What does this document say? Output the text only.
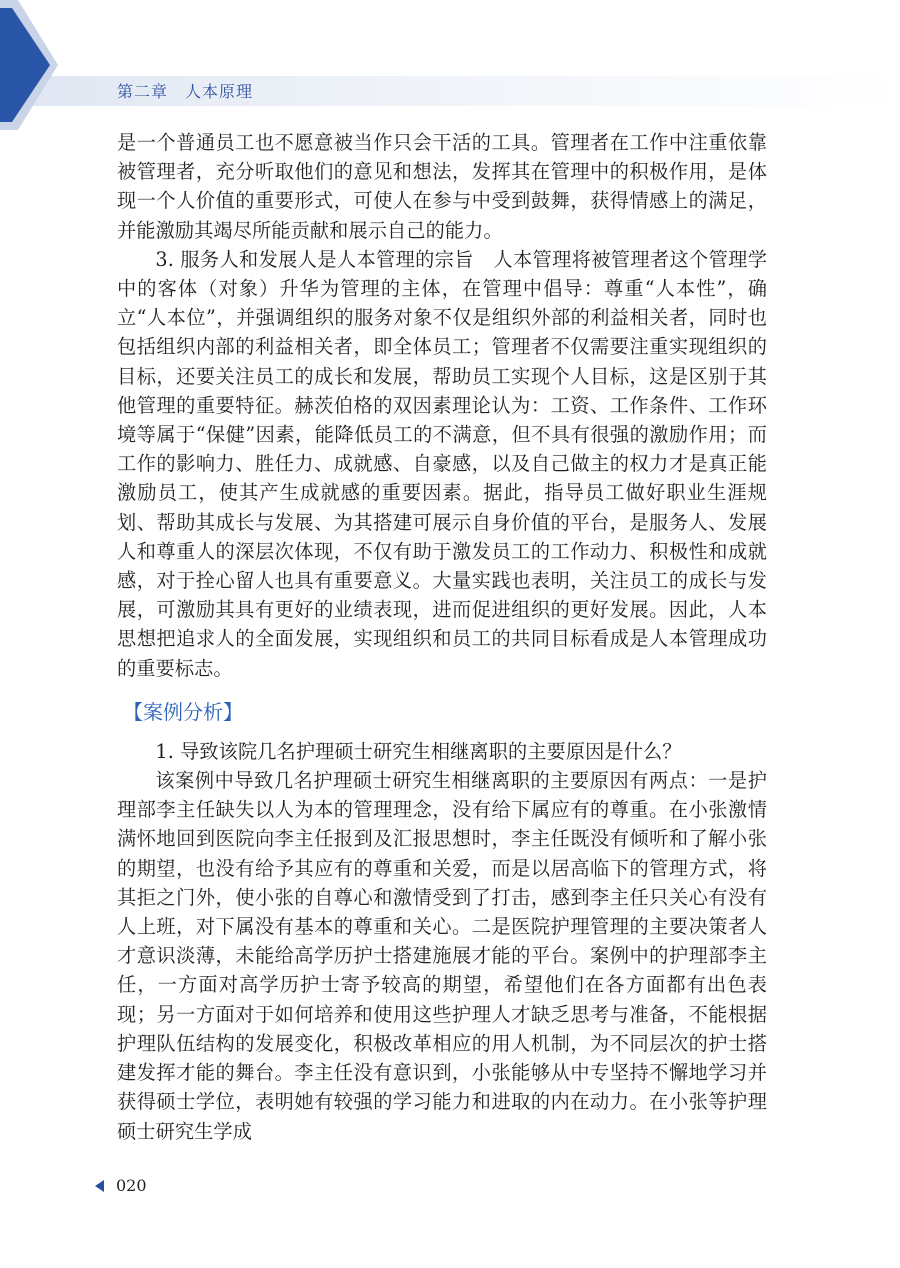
第二章　人本原理

是一个普通员工也不愿意被当作只会干活的工具。管理者在工作中注重依靠被管理者，充分听取他们的意见和想法，发挥其在管理中的积极作用，是体现一个人价值的重要形式，可使人在参与中受到鼓舞，获得情感上的满足，并能激励其竭尽所能贡献和展示自己的能力。

3. 服务人和发展人是人本管理的宗旨　人本管理将被管理者这个管理学中的客体（对象）升华为管理的主体，在管理中倡导：尊重“人本性”，确立“人本位”，并强调组织的服务对象不仅是组织外部的利益相关者，同时也包括组织内部的利益相关者，即全体员工；管理者不仅需要注重实现组织的目标，还要关注员工的成长和发展，帮助员工实现个人目标，这是区别于其他管理的重要特征。赫茨伯格的双因素理论认为：工资、工作条件、工作环境等属于“保健”因素，能降低员工的不满意，但不具有很强的激励作用；而工作的影响力、胜任力、成就感、自豪感，以及自己做主的权力才是真正能激励员工，使其产生成就感的重要因素。据此，指导员工做好职业生涯规划、帮助其成长与发展、为其搭建可展示自身价值的平台，是服务人、发展人和尊重人的深层次体现，不仅有助于激发员工的工作动力、积极性和成就感，对于拴心留人也具有重要意义。大量实践也表明，关注员工的成长与发展，可激励其具有更好的业绩表现，进而促进组织的更好发展。因此，人本思想把追求人的全面发展，实现组织和员工的共同目标看成是人本管理成功的重要标志。

【案例分析】

1. 导致该院几名护理硕士研究生相继离职的主要原因是什么？

该案例中导致几名护理硕士研究生相继离职的主要原因有两点：一是护理部李主任缺失以人为本的管理理念，没有给下属应有的尊重。在小张激情满怀地回到医院向李主任报到及汇报思想时，李主任既没有倾听和了解小张的期望，也没有给予其应有的尊重和关爱，而是以居高临下的管理方式，将其拒之门外，使小张的自尊心和激情受到了打击，感到李主任只关心有没有人上班，对下属没有基本的尊重和关心。二是医院护理管理的主要决策者人才意识淡薄，未能给高学历护士搭建施展才能的平台。案例中的护理部李主任，一方面对高学历护士寄予较高的期望，希望他们在各方面都有出色表现；另一方面对于如何培养和使用这些护理人才缺乏思考与准备，不能根据护理队伍结构的发展变化，积极改革相应的用人机制，为不同层次的护士搭建发挥才能的舞台。李主任没有意识到，小张能够从中专坚持不懈地学习并获得硕士学位，表明她有较强的学习能力和进取的内在动力。在小张等护理硕士研究生学成

020
